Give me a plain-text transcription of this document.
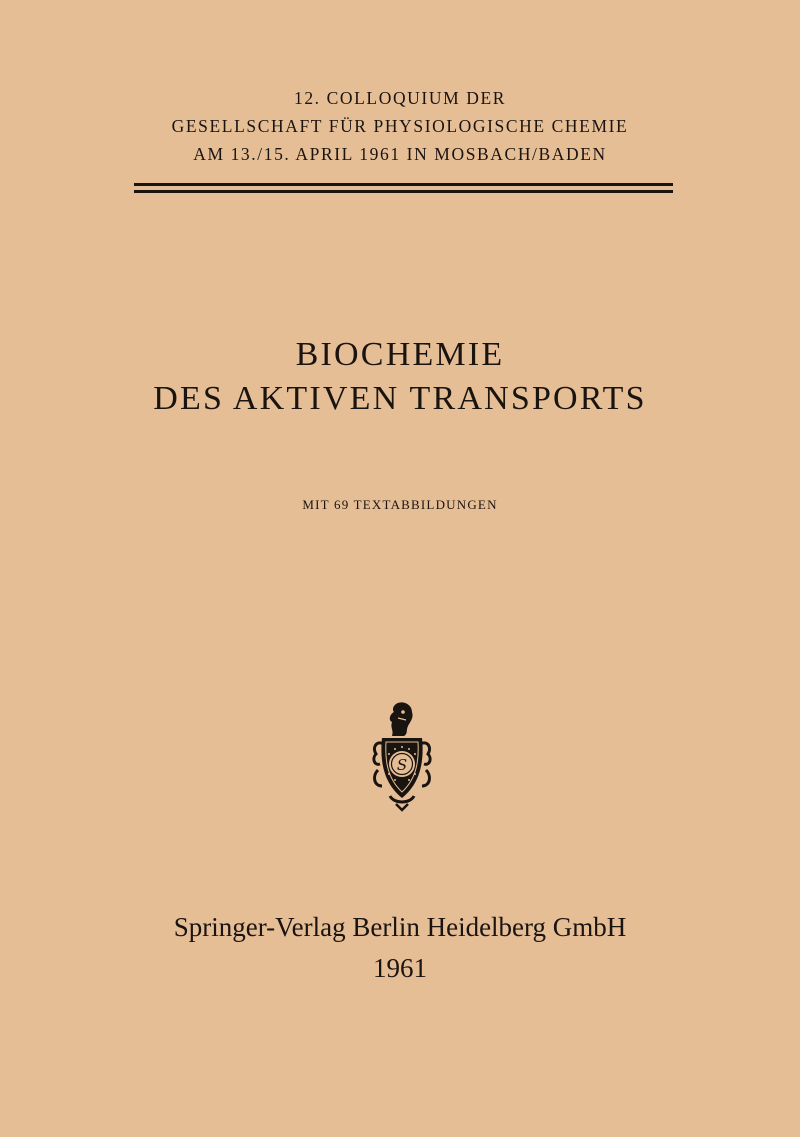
12. COLLOQUIUM DER
GESELLSCHAFT FÜR PHYSIOLOGISCHE CHEMIE
AM 13./15. APRIL 1961 IN MOSBACH/BADEN
BIOCHEMIE
DES AKTIVEN TRANSPORTS
MIT 69 TEXTABBILDUNGEN
S
Springer-Verlag Berlin Heidelberg GmbH
1961
